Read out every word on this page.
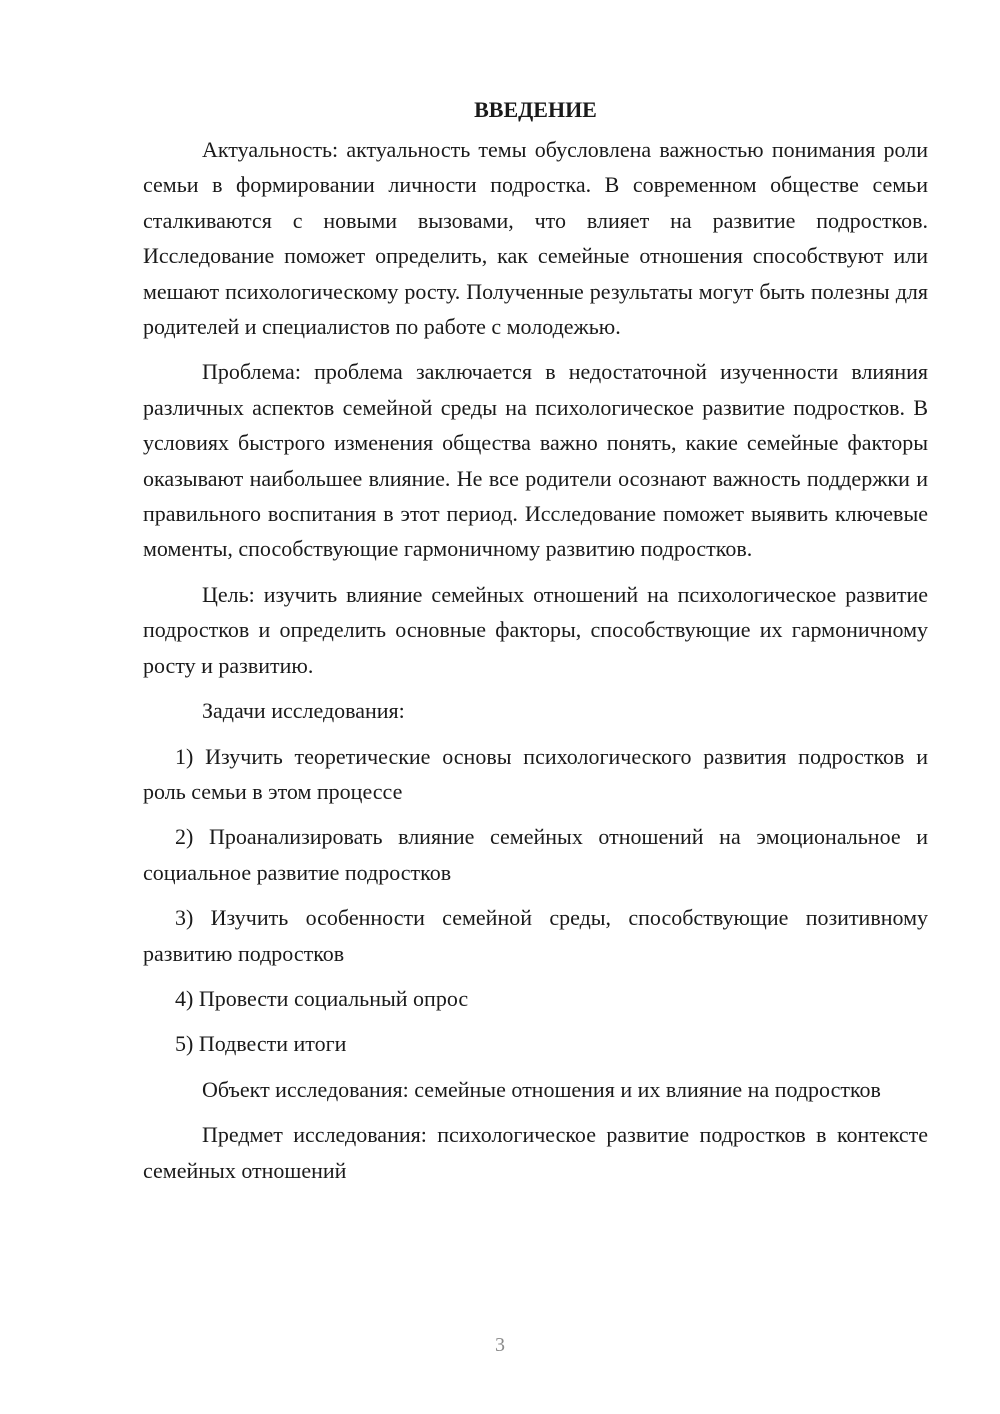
ВВЕДЕНИЕ

Актуальность: актуальность темы обусловлена важностью понимания роли семьи в формировании личности подростка. В современном обществе семьи сталкиваются с новыми вызовами, что влияет на развитие подростков. Исследование поможет определить, как семейные отношения способствуют или мешают психологическому росту. Полученные результаты могут быть полезны для родителей и специалистов по работе с молодежью.

Проблема: проблема заключается в недостаточной изученности влияния различных аспектов семейной среды на психологическое развитие подростков. В условиях быстрого изменения общества важно понять, какие семейные факторы оказывают наибольшее влияние. Не все родители осознают важность поддержки и правильного воспитания в этот период. Исследование поможет выявить ключевые моменты, способствующие гармоничному развитию подростков.

Цель: изучить влияние семейных отношений на психологическое развитие подростков и определить основные факторы, способствующие их гармоничному росту и развитию.

Задачи исследования:

1) Изучить теоретические основы психологического развития подростков и роль семьи в этом процессе

2) Проанализировать влияние семейных отношений на эмоциональное и социальное развитие подростков

3) Изучить особенности семейной среды, способствующие позитивному развитию подростков

4) Провести социальный опрос

5) Подвести итоги

Объект исследования: семейные отношения и их влияние на подростков

Предмет исследования: психологическое развитие подростков в контексте семейных отношений

3
